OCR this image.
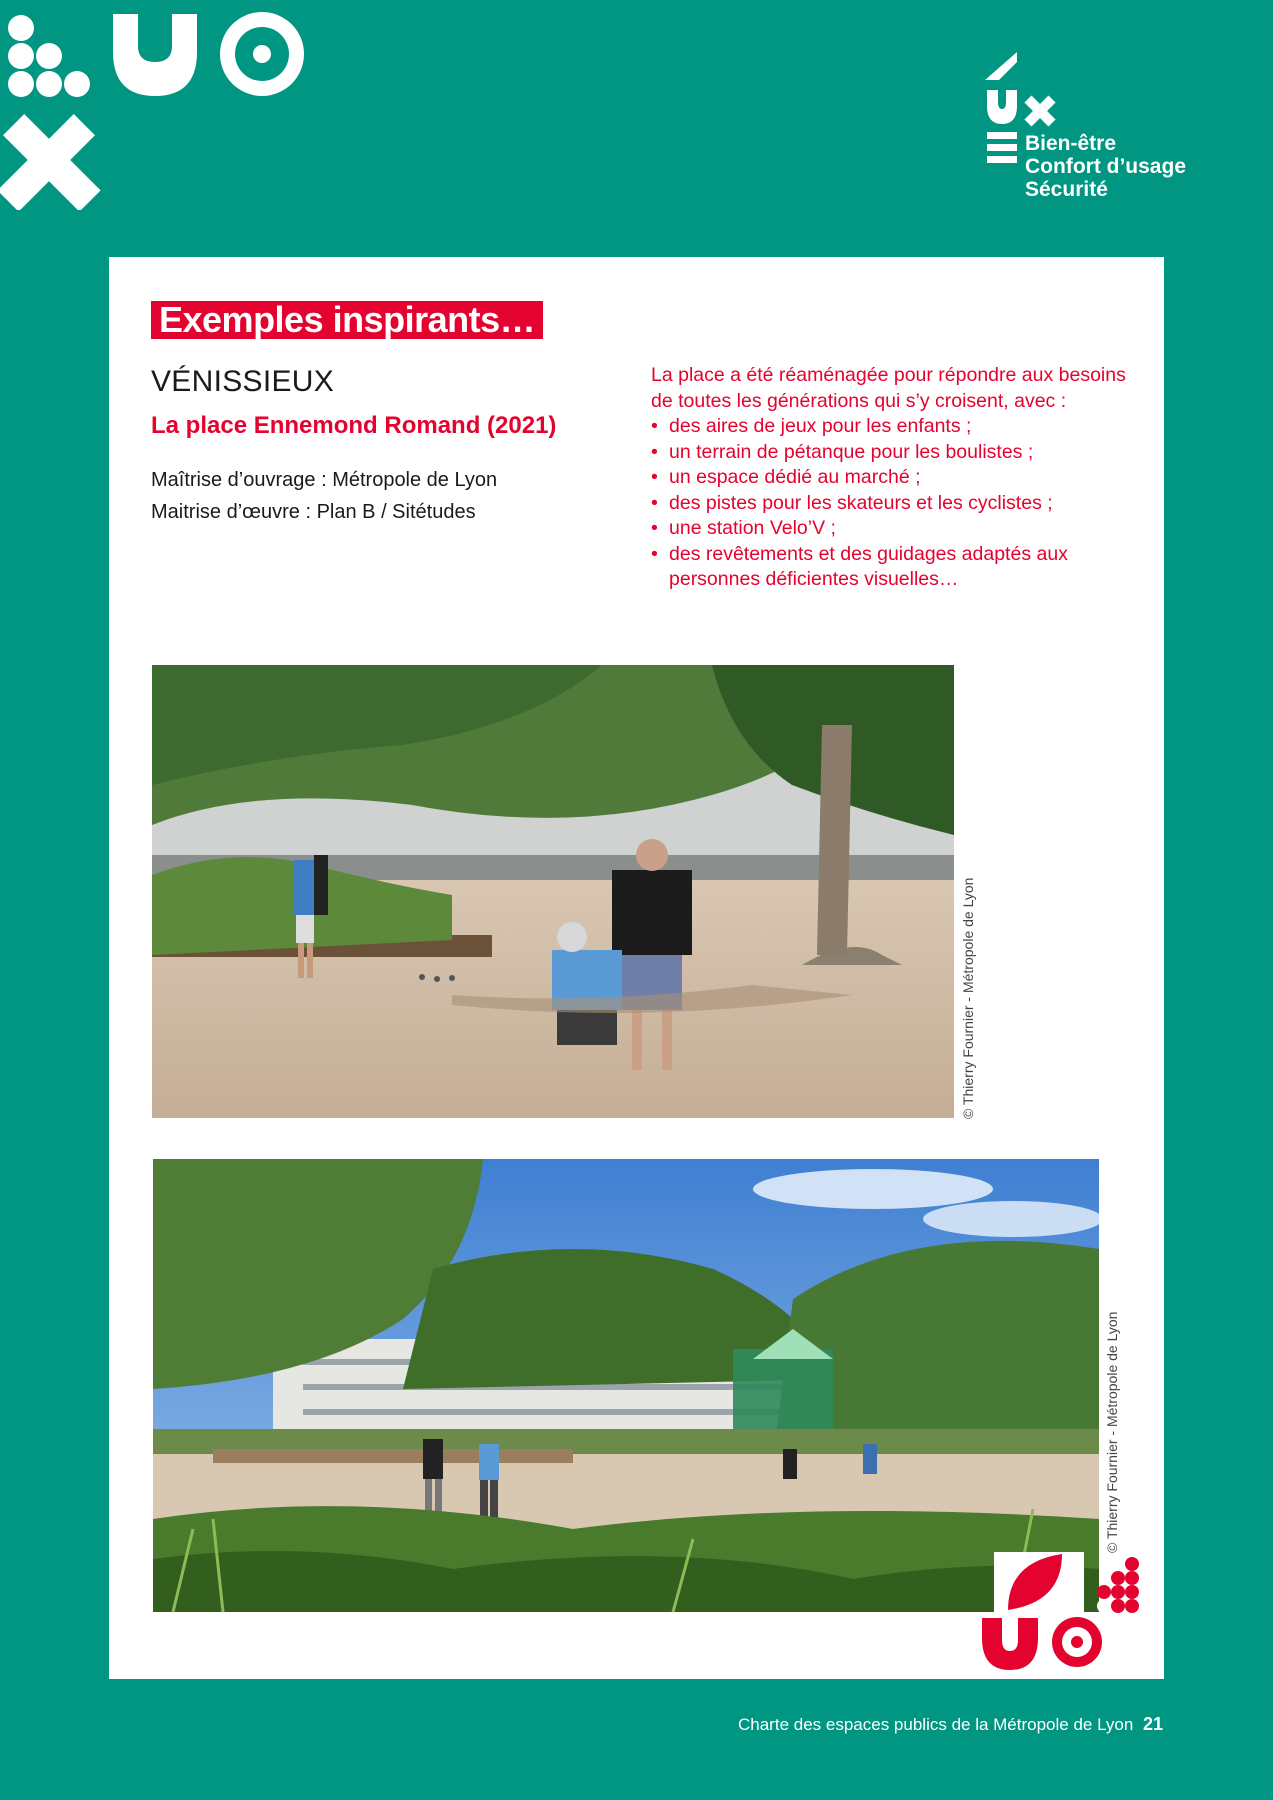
Bien-être
Confort d’usage
Sécurité
Exemples inspirants…
VÉNISSIEUX
La place Ennemond Romand (2021)
Maîtrise d’ouvrage : Métropole de Lyon
Maitrise d’œuvre : Plan B / Sitétudes
La place a été réaménagée pour répondre aux besoins de toutes les générations qui s’y croisent, avec :
• des aires de jeux pour les enfants ;
• un terrain de pétanque pour les boulistes ;
• un espace dédié au marché ;
• des pistes pour les skateurs et les cyclistes ;
• une station Velo’V ;
• des revêtements et des guidages adaptés aux personnes déficientes visuelles…
© Thierry Fournier - Métropole de Lyon
© Thierry Fournier - Métropole de Lyon
Charte des espaces publics de la Métropole de Lyon 21
